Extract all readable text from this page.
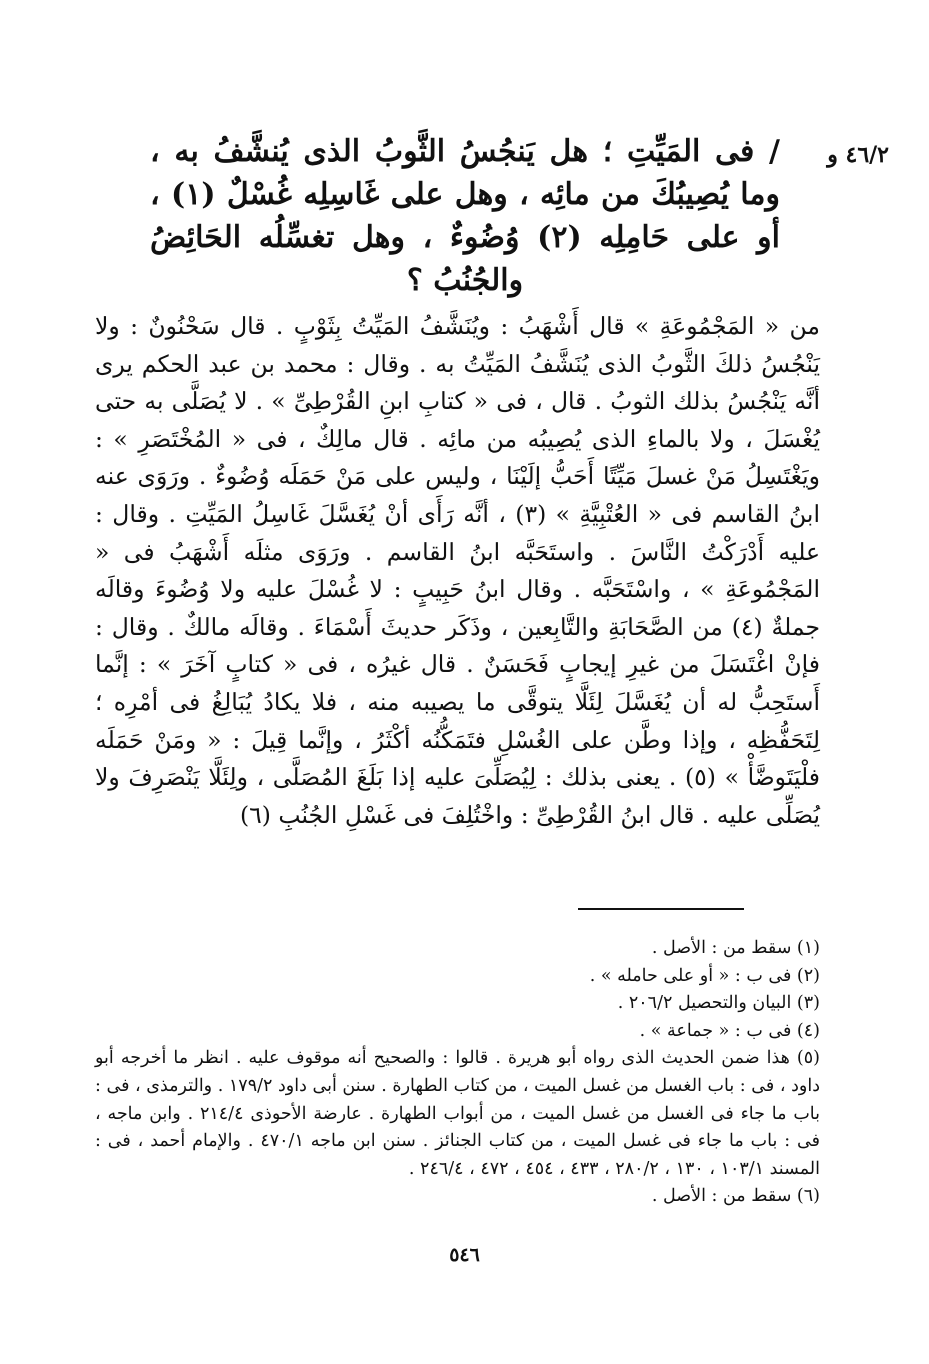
٤٦/٢ و
/ فى المَيِّتِ ؛ هل يَنجُسُ الثَّوبُ الذى يُنشَّفُ به ، وما يُصِيبُكَ من مائِه ، وهل على غَاسِلِه غُسْلٌ (١) ، أو على حَامِلِه (٢) وُضُوءٌ ، وهل تغسِّلُه الحَائِضُ والجُنُبُ ؟
من « المَجْمُوعَةِ » قال أَشْهَبُ : ويُنَشَّفُ المَيِّتُ بِثَوْبٍ . قال سَحْنُونٌ : ولا يَنْجُسُ ذلكَ الثَّوبُ الذى يُنَشَّفُ المَيِّتُ به . وقال : محمد بن عبد الحكم يرى أنَّه يَنْجُسُ بذلك الثوبُ . قال ، فى « كتابِ ابنِ القُرْطِىِّ » . لا يُصَلَّى به حتى يُغْسَلَ ، ولا بالماءِ الذى يُصِيبُه من مائِه . قال مالِكٌ ، فى « المُخْتَصَرِ » : ويَغْتَسِلُ مَنْ غسلَ مَيِّتًا أَحَبُّ إلَيْنَا ، وليس على مَنْ حَمَلَه وُضُوءٌ . ورَوَى عنه ابنُ القاسم فى « العُتْبِيَّةِ » (٣) ، أنَّه رَأَى أنْ يُغَسَّلَ غَاسِلُ المَيِّتِ . وقال : عليه أَدْرَكْتُ النَّاسَ . واستَحَبَّه ابنُ القاسم . ورَوَى مثلَه أَشْهَبُ فى « المَجْمُوعَةِ » ، واسْتَحَبَّه . وقال ابنُ حَبِيبٍ : لا غُسْلَ عليه ولا وُضُوءَ وقالَه جملةٌ (٤) من الصَّحَابَةِ والتَّابِعين ، وذَكَر حديثَ أَسْمَاءَ . وقالَه مالكٌ . وقال : فإنْ اغْتَسَلَ من غيرِ إيجابٍ فَحَسَنٌ . قال غيرُه ، فى « كتابٍ آخَرَ » : إنَّما أَستَحِبُّ له أن يُغَسَّلَ لِئَلَّا يتوقَّى ما يصيبه منه ، فلا يكادُ يُبَالِغُ فى أمْرِه ؛ لِتَحَفُّظِه ، وإذا وطَّن على الغُسْلِ فتَمَكُّنُه أكْثَرُ ، وإنَّما قِيلَ : « ومَنْ حَمَلَه فلْيَتَوضَّأْ » (٥) . يعنى بذلك : لِيُصَلِّىَ عليه إذا بَلَغَ المُصَلَّى ، ولِئَلَّا يَنْصَرِفَ ولا يُصَلِّى عليه . قال ابنُ القُرْطِىِّ : واخْتُلِفَ فى غَسْلِ الجُنُبِ (٦)
(١) سقط من : الأصل .
(٢) فى ب : « أو على حامله » .
(٣) البيان والتحصيل ٢٠٦/٢ .
(٤) فى ب : « جماعة » .
(٥) هذا ضمن الحديث الذى رواه أبو هريرة . قالوا : والصحيح أنه موقوف عليه . انظر ما أخرجه أبو داود ، فى : باب الغسل من غسل الميت ، من كتاب الطهارة . سنن أبى داود ١٧٩/٢ . والترمذى ، فى : باب ما جاء فى الغسل من غسل الميت ، من أبواب الطهارة . عارضة الأحوذى ٢١٤/٤ . وابن ماجه ، فى : باب ما جاء فى غسل الميت ، من كتاب الجنائز . سنن ابن ماجه ٤٧٠/١ . والإمام أحمد ، فى : المسند ١٠٣/١ ، ١٣٠ ، ٢٨٠/٢ ، ٤٣٣ ، ٤٥٤ ، ٤٧٢ ، ٢٤٦/٤ .
(٦) سقط من : الأصل .
٥٤٦
